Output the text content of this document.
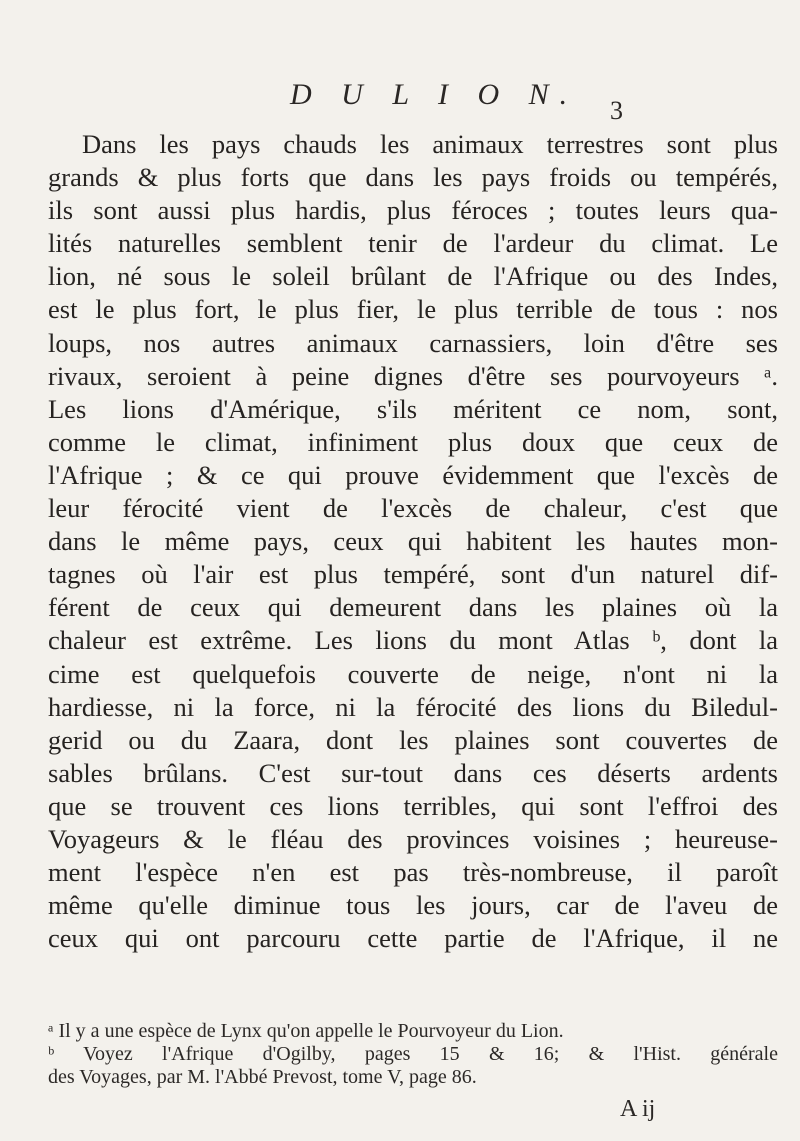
D U L I O N. 3
Dans les pays chauds les animaux terrestres sont plus
grands & plus forts que dans les pays froids ou tempérés,
ils sont aussi plus hardis, plus féroces ; toutes leurs qua-
lités naturelles semblent tenir de l'ardeur du climat. Le
lion, né sous le soleil brûlant de l'Afrique ou des Indes,
est le plus fort, le plus fier, le plus terrible de tous : nos
loups, nos autres animaux carnassiers, loin d'être ses
rivaux, seroient à peine dignes d'être ses pourvoyeurs ᵃ.
Les lions d'Amérique, s'ils méritent ce nom, sont,
comme le climat, infiniment plus doux que ceux de
l'Afrique ; & ce qui prouve évidemment que l'excès de
leur férocité vient de l'excès de chaleur, c'est que
dans le même pays, ceux qui habitent les hautes mon-
tagnes où l'air est plus tempéré, sont d'un naturel dif-
férent de ceux qui demeurent dans les plaines où la
chaleur est extrême. Les lions du mont Atlas ᵇ, dont la
cime est quelquefois couverte de neige, n'ont ni la
hardiesse, ni la force, ni la férocité des lions du Biledul-
gerid ou du Zaara, dont les plaines sont couvertes de
sables brûlans. C'est sur-tout dans ces déserts ardents
que se trouvent ces lions terribles, qui sont l'effroi des
Voyageurs & le fléau des provinces voisines ; heureuse-
ment l'espèce n'en est pas très-nombreuse, il paroît
même qu'elle diminue tous les jours, car de l'aveu de
ceux qui ont parcouru cette partie de l'Afrique, il ne
ᵃ Il y a une espèce de Lynx qu'on appelle le Pourvoyeur du Lion.
ᵇ Voyez l'Afrique d'Ogilby, pages 15 & 16; & l'Hist. générale
des Voyages, par M. l'Abbé Prevost, tome V, page 86.
A ij
